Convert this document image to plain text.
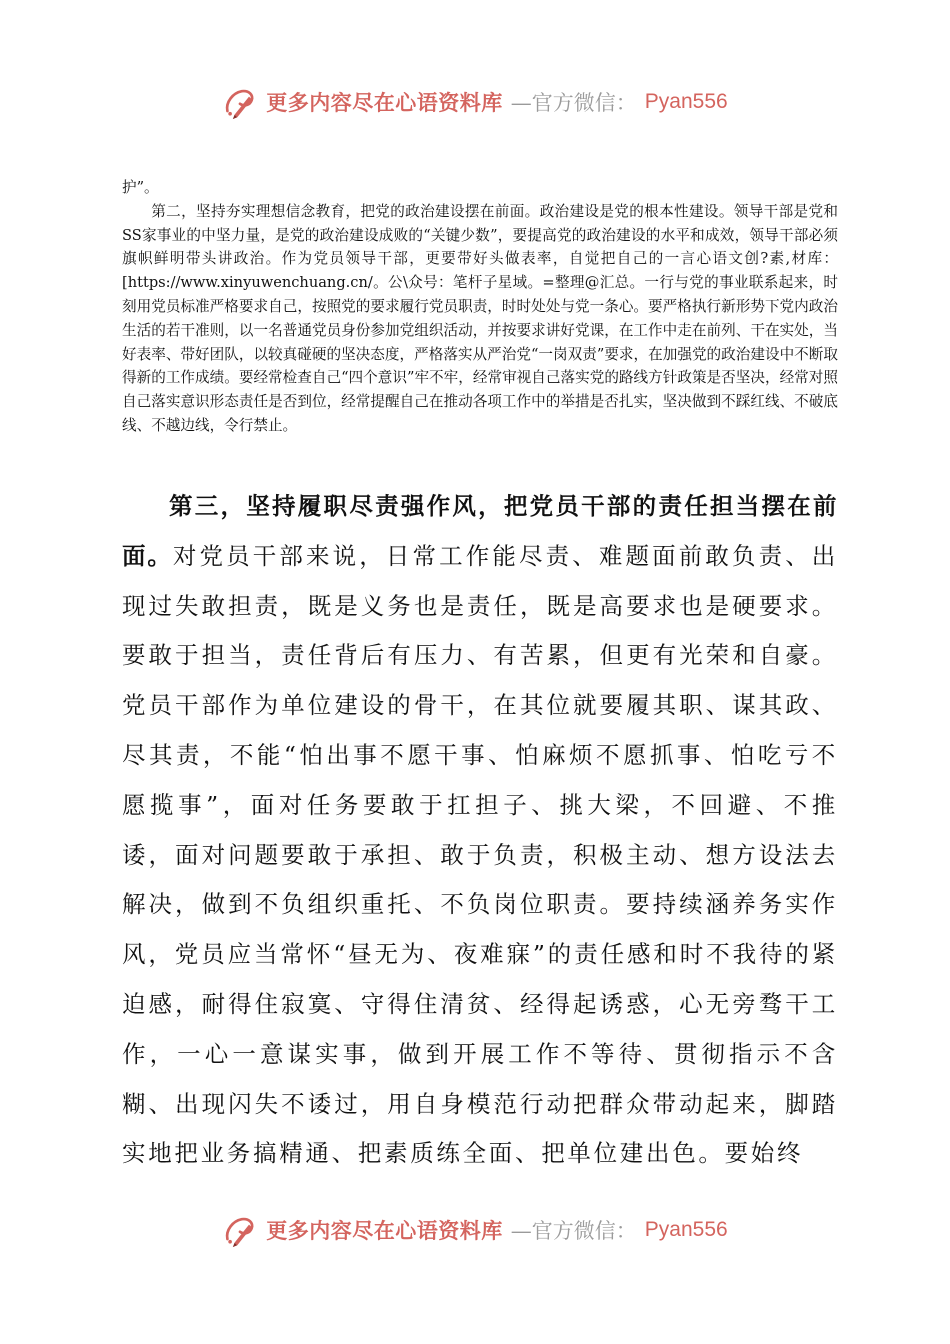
更多内容尽在心语资料库 —官方微信： Pyan556

护”。

第二，坚持夯实理想信念教育，把党的政治建设摆在前面。政治建设是党的根本性建设。领导干部是党和SS家事业的中坚力量，是党的政治建设成败的“关键少数”，要提高党的政治建设的水平和成效，领导干部必须旗帜鲜明带头讲政治。作为党员领导干部，更要带好头做表率，自觉把自己的一言心语文创?素,材库：[https://www.xinyuwenchuang.cn/。公\众号：笔杆子星域。=整理@汇总。一行与党的事业联系起来，时刻用党员标准严格要求自己，按照党的要求履行党员职责，时时处处与党一条心。要严格执行新形势下党内政治生活的若干准则，以一名普通党员身份参加党组织活动，并按要求讲好党课，在工作中走在前列、干在实处，当好表率、带好团队，以较真碰硬的坚决态度，严格落实从严治党“一岗双责”要求，在加强党的政治建设中不断取得新的工作成绩。要经常检查自己“四个意识”牢不牢，经常审视自己落实党的路线方针政策是否坚决，经常对照自己落实意识形态责任是否到位，经常提醒自己在推动各项工作中的举措是否扎实，坚决做到不踩红线、不破底线、不越边线，令行禁止。

第三，坚持履职尽责强作风，把党员干部的责任担当摆在前面。对党员干部来说，日常工作能尽责、难题面前敢负责、出现过失敢担责，既是义务也是责任，既是高要求也是硬要求。要敢于担当，责任背后有压力、有苦累，但更有光荣和自豪。党员干部作为单位建设的骨干，在其位就要履其职、谋其政、尽其责，不能“怕出事不愿干事、怕麻烦不愿抓事、怕吃亏不愿揽事”，面对任务要敢于扛担子、挑大梁，不回避、不推诿，面对问题要敢于承担、敢于负责，积极主动、想方设法去解决，做到不负组织重托、不负岗位职责。要持续涵养务实作风，党员应当常怀“昼无为、夜难寐”的责任感和时不我待的紧迫感，耐得住寂寞、守得住清贫、经得起诱惑，心无旁骛干工作，一心一意谋实事，做到开展工作不等待、贯彻指示不含糊、出现闪失不诿过，用自身模范行动把群众带动起来，脚踏实地把业务搞精通、把素质练全面、把单位建出色。要始终

更多内容尽在心语资料库 —官方微信： Pyan556
